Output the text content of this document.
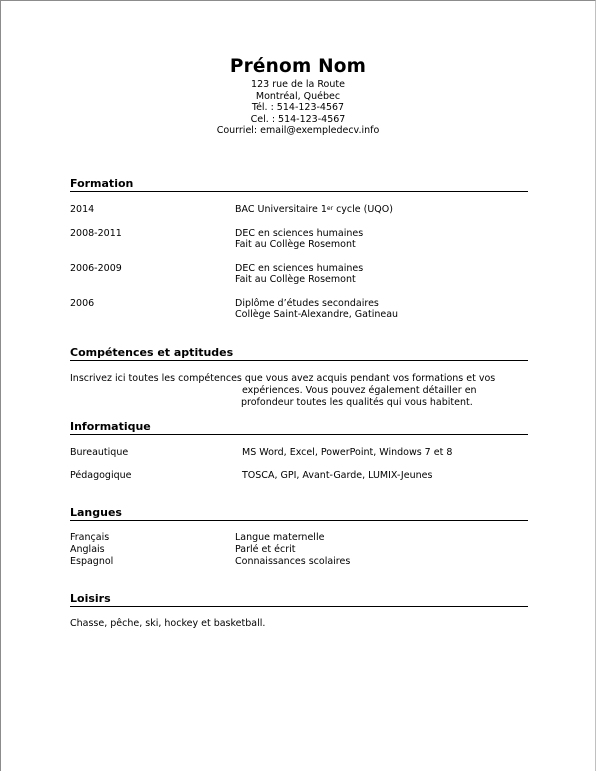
Prénom Nom
123 rue de la Route
Montréal, Québec
Tél. : 514-123-4567
Cel. : 514-123-4567
Courriel: email@exempledecv.info
Formation
2014	BAC Universitaire 1er cycle (UQO)
2008-2011	DEC en sciences humaines
Fait au Collège Rosemont
2006-2009	DEC en sciences humaines
Fait au Collège Rosemont
2006	Diplôme d’études secondaires
Collège Saint-Alexandre, Gatineau
Compétences et aptitudes
Inscrivez ici toutes les compétences que vous avez acquis pendant vos formations et vos
expériences. Vous pouvez également détailler en
profondeur toutes les qualités qui vous habitent.
Informatique
Bureautique	MS Word, Excel, PowerPoint, Windows 7 et 8
Pédagogique	TOSCA, GPI, Avant-Garde, LUMIX-Jeunes
Langues
Français	Langue maternelle
Anglais	Parlé et écrit
Espagnol	Connaissances scolaires
Loisirs
Chasse, pêche, ski, hockey et basketball.
